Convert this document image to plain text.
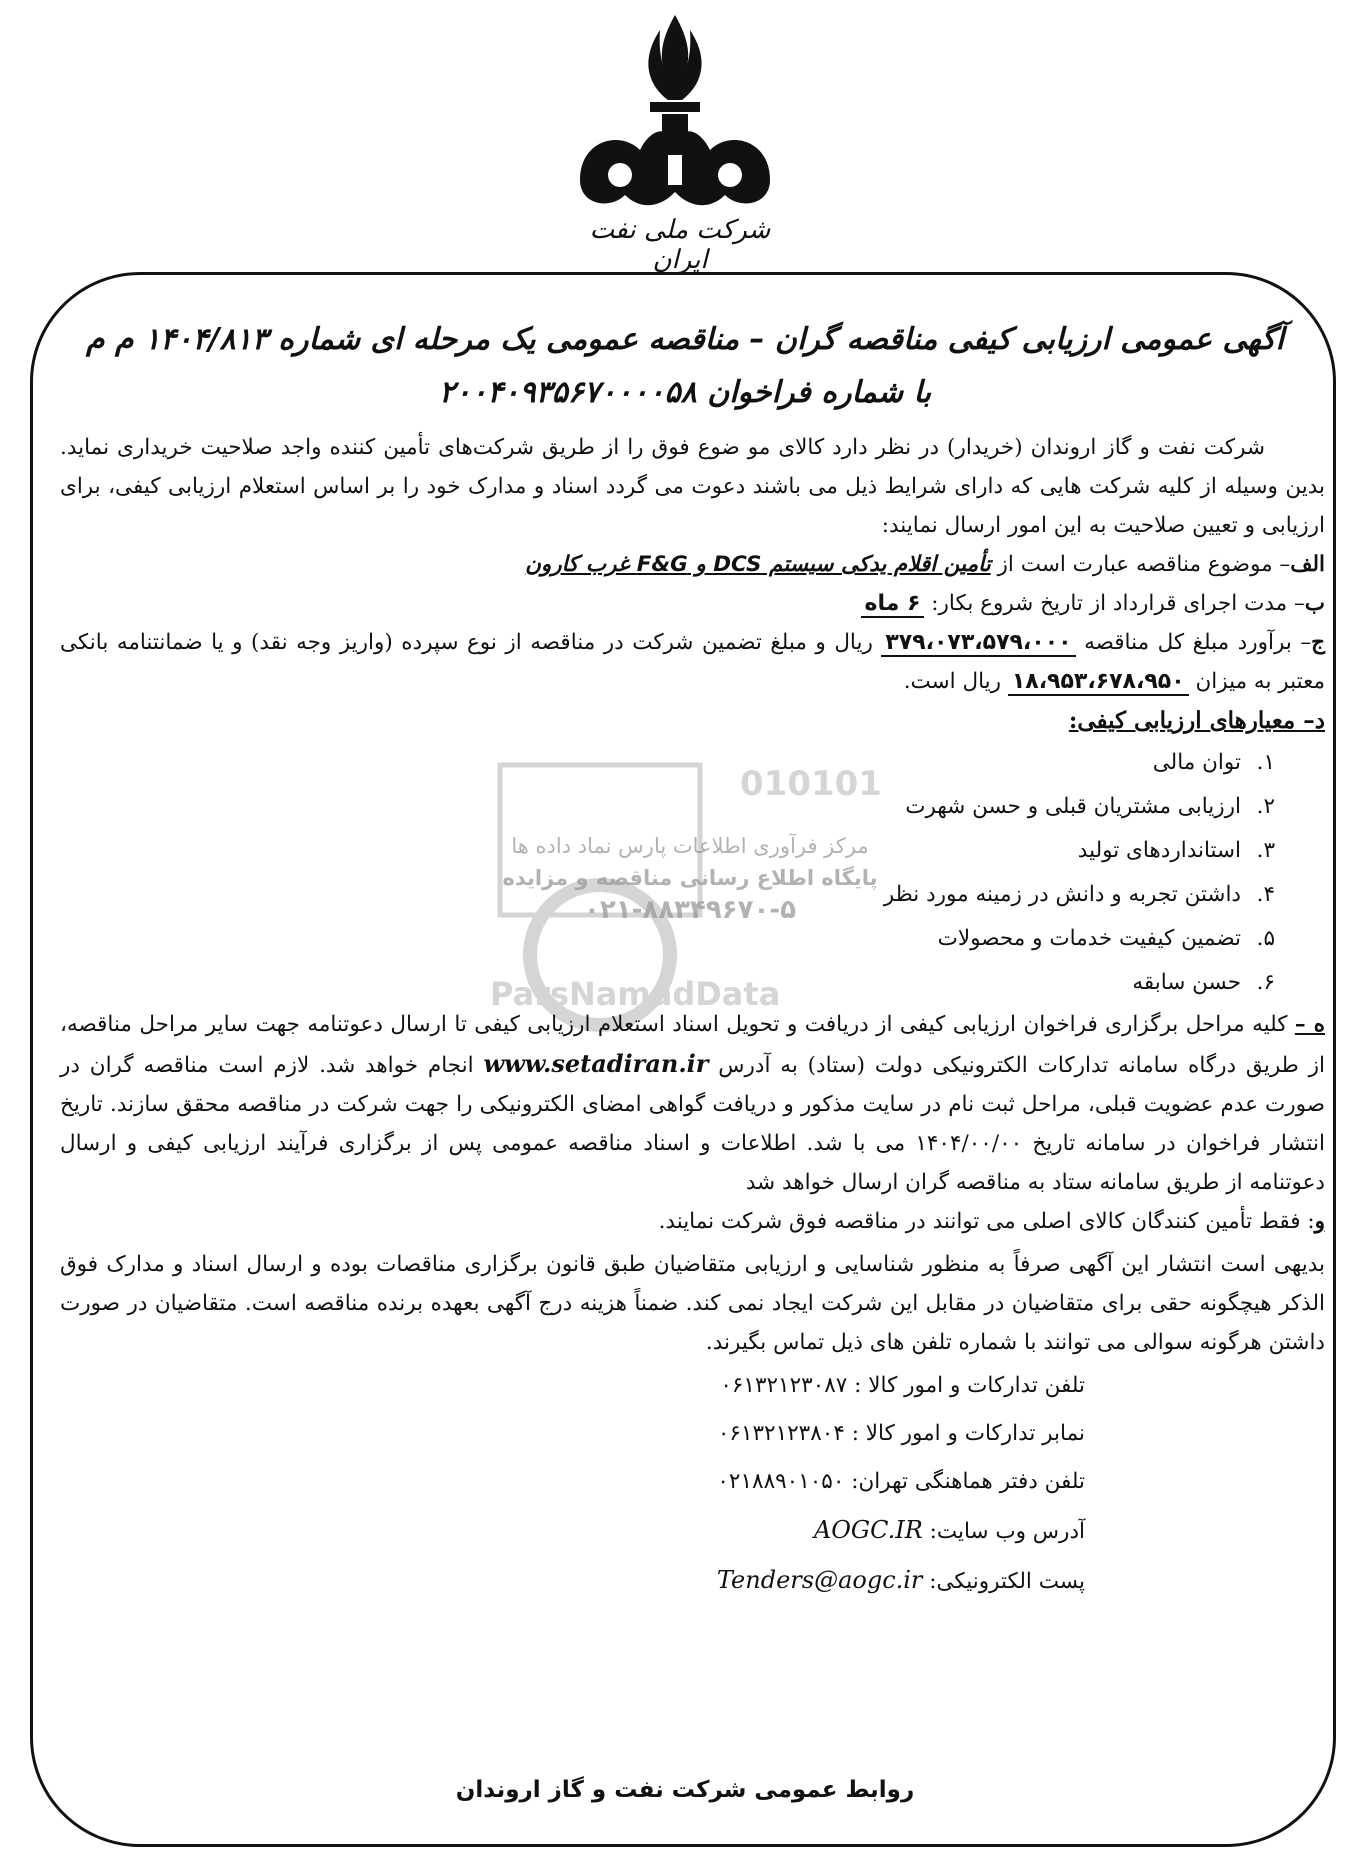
شرکت ملی نفت ایران
010101
ParsNamadData
آگهی عمومی ارزیابی کیفی مناقصه گران – مناقصه عمومی یک مرحله ای شماره ۱۴۰۴/۸۱۳ م م
با شماره فراخوان ۲۰۰۴۰۹۳۵۶۷۰۰۰۰۵۸

شرکت نفت و گاز اروندان (خریدار) در نظر دارد کالای مو ضوع فوق را از طریق شرکت‌های تأمین کننده واجد صلاحیت خریداری نماید. بدین وسیله از کلیه شرکت هایی که دارای شرایط ذیل می باشند دعوت می گردد اسناد و مدارک خود را بر اساس استعلام ارزیابی کیفی، برای ارزیابی و تعیین صلاحیت به این امور ارسال نمایند:

الف– موضوع مناقصه عبارت است از تأمین اقلام یدکی سیستم DCS و F&G غرب کارون

ب– مدت اجرای قرارداد از تاریخ شروع بکار: ۶ ماه

ج– برآورد مبلغ کل مناقصه ۳۷۹،۰۷۳،۵۷۹،۰۰۰ ریال و مبلغ تضمین شرکت در مناقصه از نوع سپرده (واریز وجه نقد) و یا ضمانتنامه بانکی معتبر به میزان ۱۸،۹۵۳،۶۷۸،۹۵۰ ریال است.

د– معیارهای ارزیابی کیفی:

۱.توان مالی
۲.ارزیابی مشتریان قبلی و حسن شهرت
۳.استانداردهای تولید
۴.داشتن تجربه و دانش در زمینه مورد نظر
۵.تضمین کیفیت خدمات و محصولات
۶.حسن سابقه

ه – کلیه مراحل برگزاری فراخوان ارزیابی کیفی از دریافت و تحویل اسناد استعلام ارزیابی کیفی تا ارسال دعوتنامه جهت سایر مراحل مناقصه، از طریق درگاه سامانه تدارکات الکترونیکی دولت (ستاد) به آدرس www.setadiran.ir انجام خواهد شد. لازم است مناقصه گران در صورت عدم عضویت قبلی، مراحل ثبت نام در سایت مذکور و دریافت گواهی امضای الکترونیکی را جهت شرکت در مناقصه محقق سازند. تاریخ انتشار فراخوان در سامانه تاریخ ۱۴۰۴/۰۰/۰۰ می با شد. اطلاعات و اسناد مناقصه عمومی پس از برگزاری فرآیند ارزیابی کیفی و ارسال دعوتنامه از طریق سامانه ستاد به مناقصه گران ارسال خواهد شد

و: فقط تأمین کنندگان کالای اصلی می توانند در مناقصه فوق شرکت نمایند.

بدیهی است انتشار این آگهی صرفاً به منظور شناسایی و ارزیابی متقاضیان طبق قانون برگزاری مناقصات بوده و ارسال اسناد و مدارک فوق الذکر هیچگونه حقی برای متقاضیان در مقابل این شرکت ایجاد نمی کند. ضمناً هزینه درج آگهی بعهده برنده مناقصه است. متقاضیان در صورت داشتن هرگونه سوالی می توانند با شماره تلفن های ذیل تماس بگیرند.

تلفن تدارکات و امور کالا : ۰۶۱۳۲۱۲۳۰۸۷
نمابر تدارکات و امور کالا : ۰۶۱۳۲۱۲۳۸۰۴
تلفن دفتر هماهنگی تهران: ۰۲۱۸۸۹۰۱۰۵۰
آدرس وب سایت: AOGC.IR
پست الکترونیکی: Tenders@aogc.ir
مرکز فرآوری اطلاعات پارس نماد داده ها
پایگاه اطلاع رسانی مناقصه و مزایده
۰۲۱-۸۸۳۴۹۶۷۰-۵
روابط عمومی شرکت نفت و گاز اروندان
